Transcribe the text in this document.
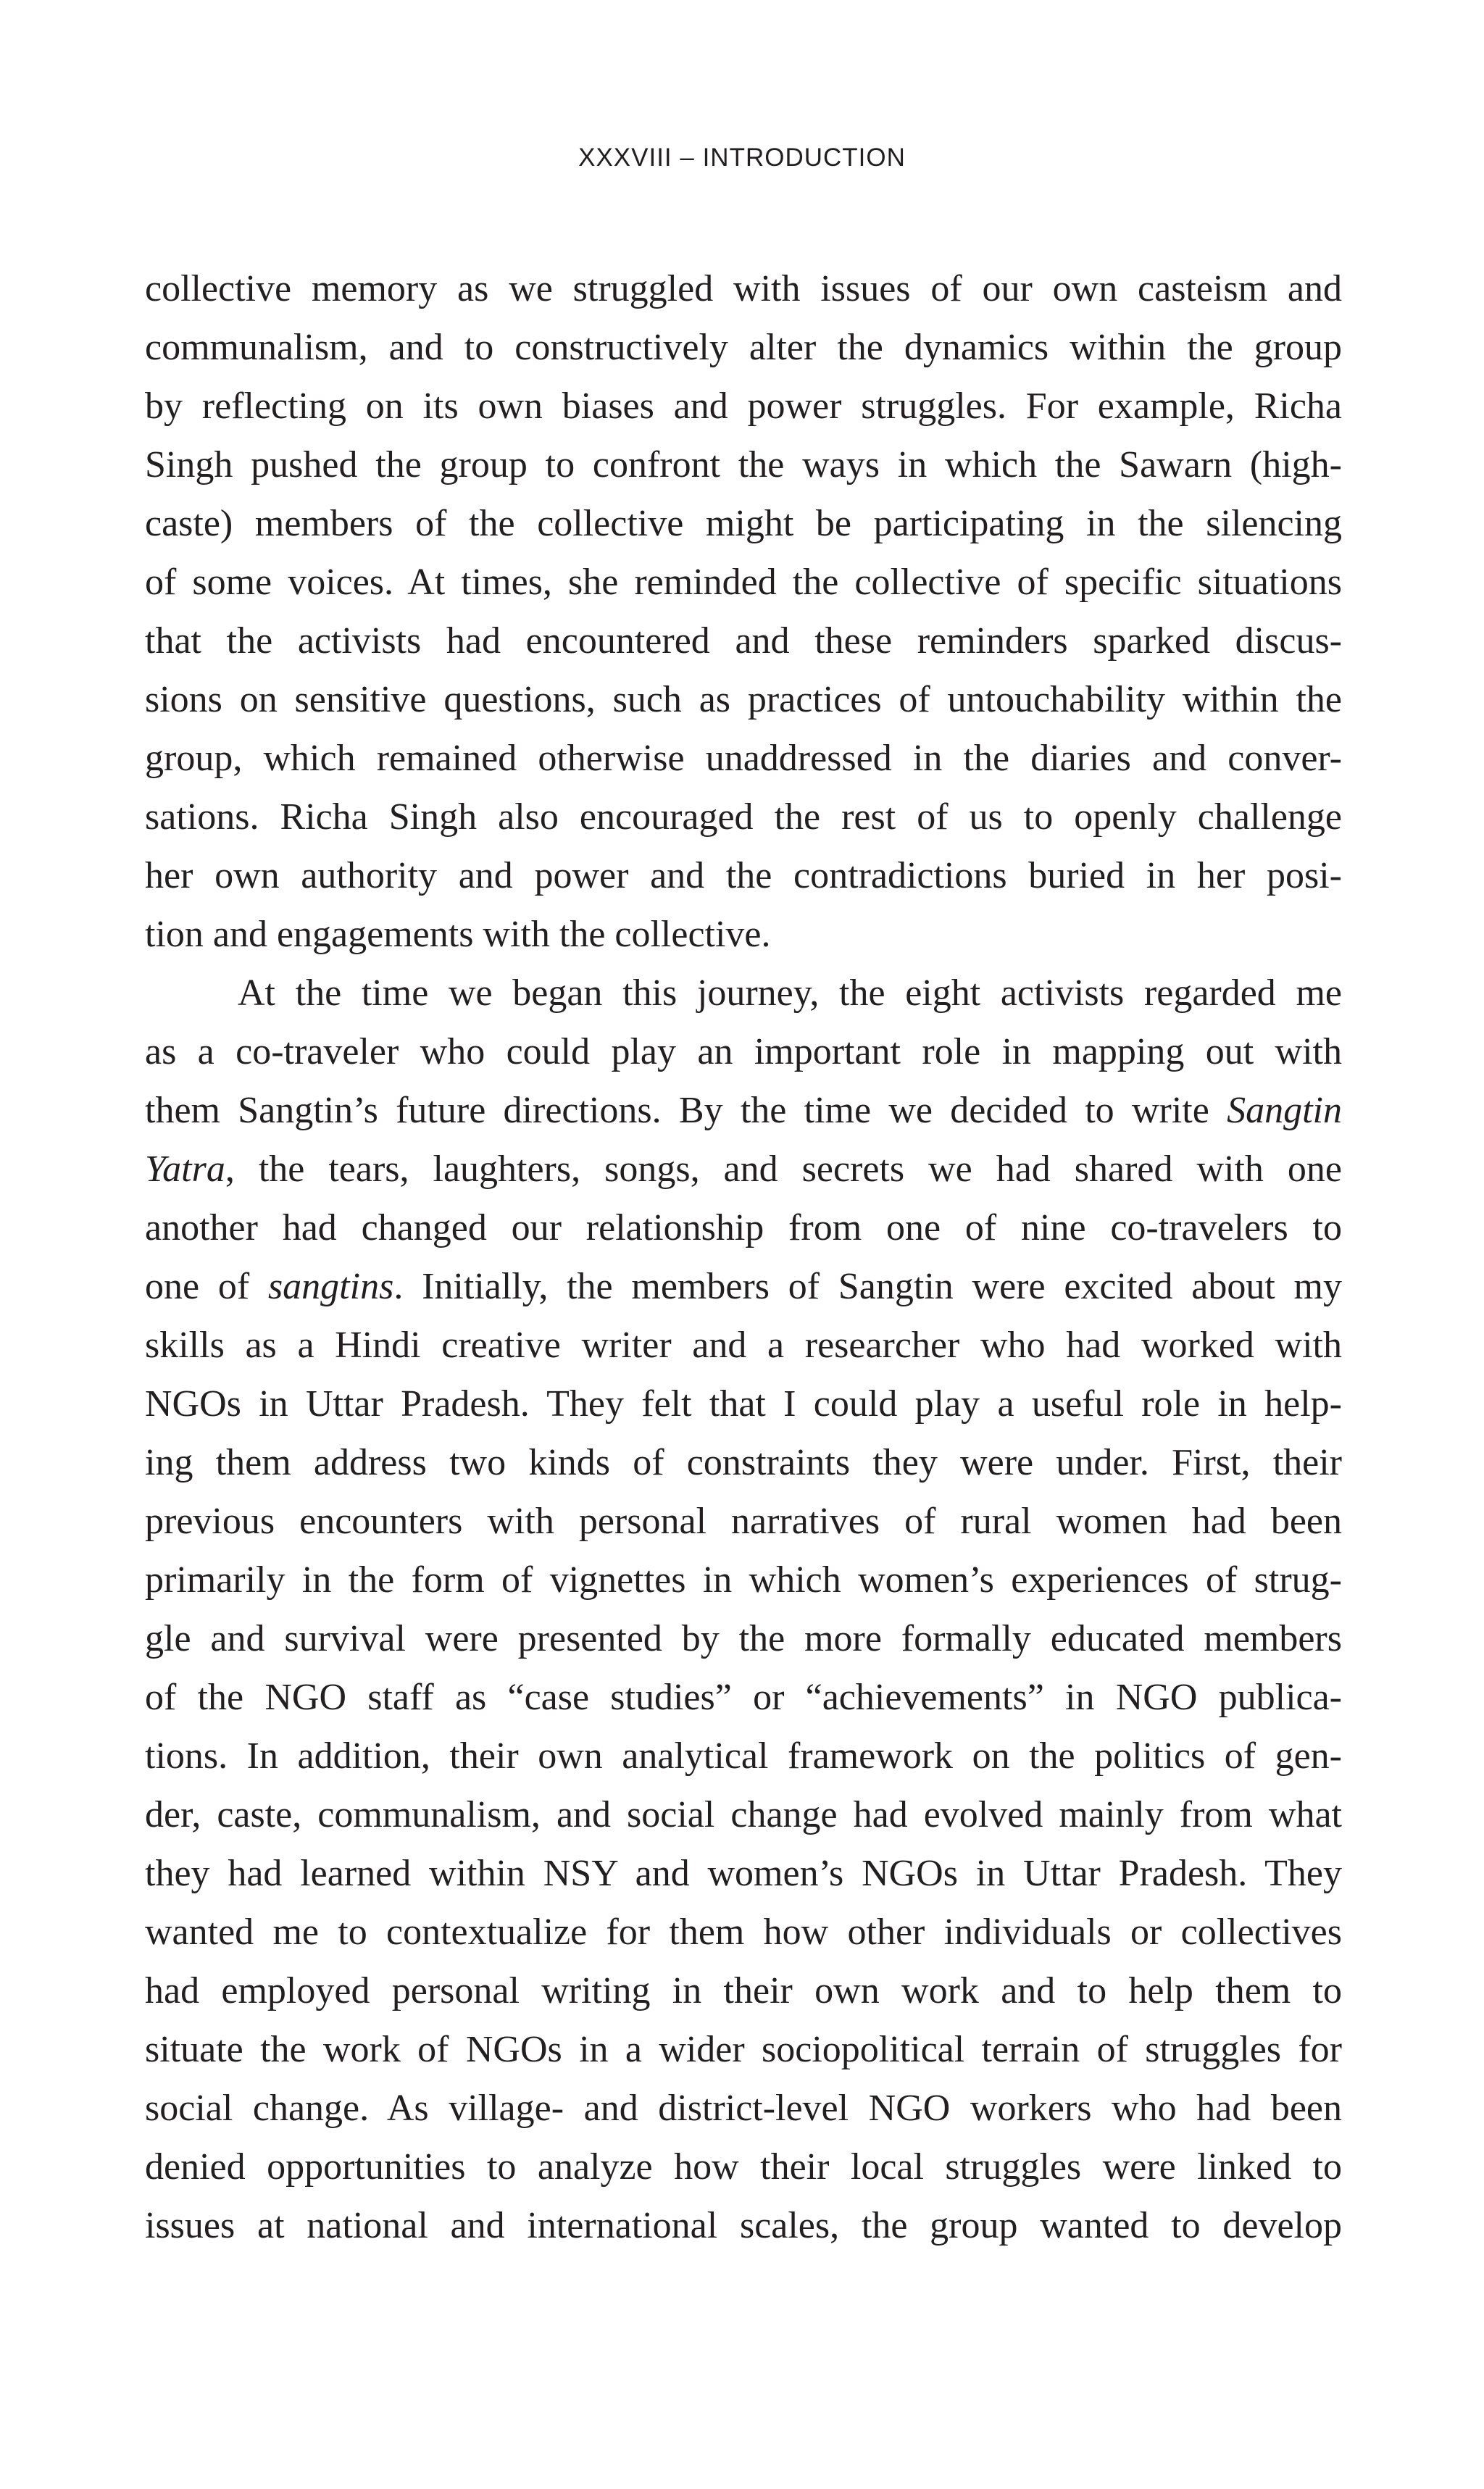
XXXVIII – INTRODUCTION
collective memory as we struggled with issues of our own casteism and
communalism, and to constructively alter the dynamics within the group
by reflecting on its own biases and power struggles. For example, Richa
Singh pushed the group to confront the ways in which the Sawarn (high-
caste) members of the collective might be participating in the silencing
of some voices. At times, she reminded the collective of specific situations
that the activists had encountered and these reminders sparked discus-
sions on sensitive questions, such as practices of untouchability within the
group, which remained otherwise unaddressed in the diaries and conver-
sations. Richa Singh also encouraged the rest of us to openly challenge
her own authority and power and the contradictions buried in her posi-
tion and engagements with the collective.
At the time we began this journey, the eight activists regarded me
as a co-traveler who could play an important role in mapping out with
them Sangtin’s future directions. By the time we decided to write Sangtin
Yatra, the tears, laughters, songs, and secrets we had shared with one
another had changed our relationship from one of nine co-travelers to
one of sangtins. Initially, the members of Sangtin were excited about my
skills as a Hindi creative writer and a researcher who had worked with
NGOs in Uttar Pradesh. They felt that I could play a useful role in help-
ing them address two kinds of constraints they were under. First, their
previous encounters with personal narratives of rural women had been
primarily in the form of vignettes in which women’s experiences of strug-
gle and survival were presented by the more formally educated members
of the NGO staff as “case studies” or “achievements” in NGO publica-
tions. In addition, their own analytical framework on the politics of gen-
der, caste, communalism, and social change had evolved mainly from what
they had learned within NSY and women’s NGOs in Uttar Pradesh. They
wanted me to contextualize for them how other individuals or collectives
had employed personal writing in their own work and to help them to
situate the work of NGOs in a wider sociopolitical terrain of struggles for
social change. As village- and district-level NGO workers who had been
denied opportunities to analyze how their local struggles were linked to
issues at national and international scales, the group wanted to develop
